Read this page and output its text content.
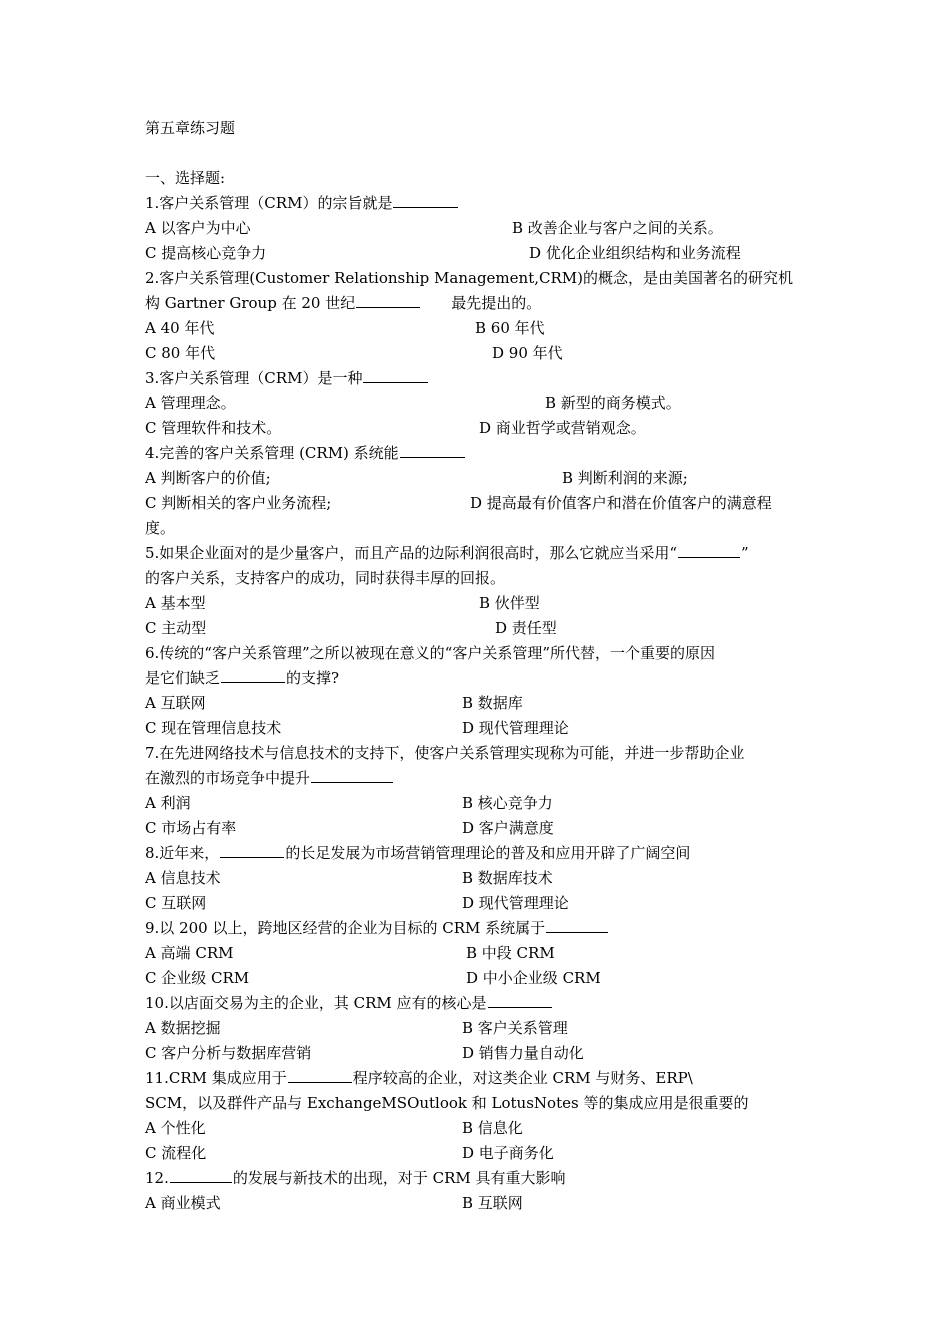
第五章练习题
一、选择题:
1.客户关系管理（CRM）的宗旨就是
A 以客户为中心	B 改善企业与客户之间的关系。
C 提高核心竞争力	D 优化企业组织结构和业务流程
2.客户关系管理(Customer Relationship Management,CRM)的概念，是由美国著名的研究机
构 Gartner Group 在 20 世纪	最先提出的。
A 40 年代	B 60 年代
C 80 年代	D 90 年代
3.客户关系管理（CRM）是一种
A 管理理念。	B 新型的商务模式。
C 管理软件和技术。	D 商业哲学或营销观念。
4.完善的客户关系管理 (CRM) 系统能
A 判断客户的价值;	B 判断利润的来源;
C 判断相关的客户业务流程;	D 提高最有价值客户和潜在价值客户的满意程
度。
5.如果企业面对的是少量客户，而且产品的边际利润很高时，那么它就应当采用“	”
的客户关系，支持客户的成功，同时获得丰厚的回报。
A 基本型	B 伙伴型
C 主动型	D 责任型
6.传统的“客户关系管理”之所以被现在意义的“客户关系管理”所代替，一个重要的原因
是它们缺乏	的支撑?
A 互联网	B 数据库
C 现在管理信息技术	D 现代管理理论
7.在先进网络技术与信息技术的支持下，使客户关系管理实现称为可能，并进一步帮助企业
在激烈的市场竞争中提升
A 利润	B 核心竞争力
C 市场占有率	D 客户满意度
8.近年来，	的长足发展为市场营销管理理论的普及和应用开辟了广阔空间
A 信息技术	B 数据库技术
C 互联网	D 现代管理理论
9.以 200 以上，跨地区经营的企业为目标的 CRM 系统属于
A 高端 CRM	B 中段 CRM
C 企业级 CRM	D 中小企业级 CRM
10.以店面交易为主的企业，其 CRM 应有的核心是
A 数据挖掘	B 客户关系管理
C 客户分析与数据库营销	D 销售力量自动化
11.CRM 集成应用于	程序较高的企业，对这类企业 CRM 与财务、ERP\
SCM，以及群件产品与 ExchangeMSOutlook 和 LotusNotes 等的集成应用是很重要的
A 个性化	B 信息化
C 流程化	D 电子商务化
12.	的发展与新技术的出现，对于 CRM 具有重大影响
A 商业模式	B 互联网
